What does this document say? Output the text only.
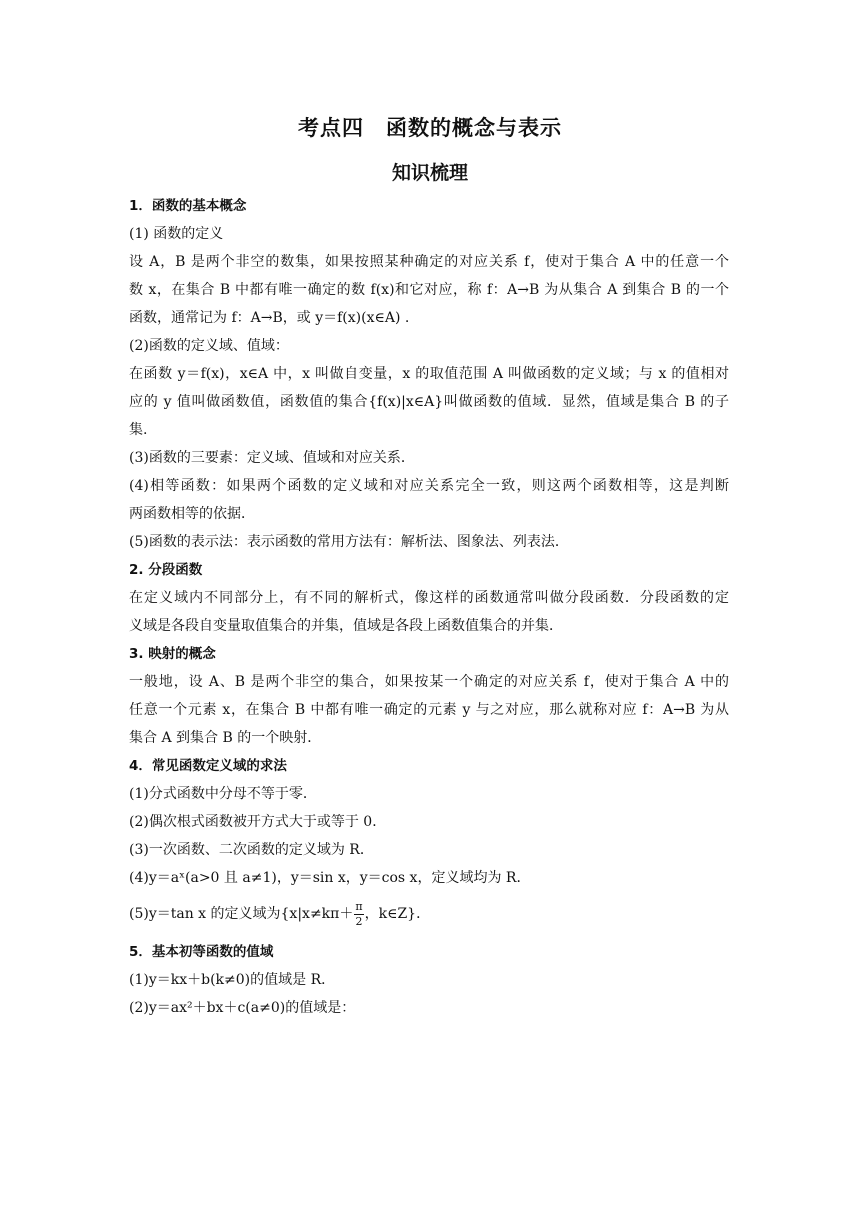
考点四　函数的概念与表示
知识梳理
1．函数的基本概念
(1) 函数的定义
设 A，B 是两个非空的数集，如果按照某种确定的对应关系 f，使对于集合 A 中的任意一个
数 x，在集合 B 中都有唯一确定的数 f(x)和它对应，称 f：A→B 为从集合 A 到集合 B 的一个
函数，通常记为 f：A→B，或 y＝f(x)(x∈A) .
(2)函数的定义域、值域：
在函数 y＝f(x)，x∈A 中，x 叫做自变量，x 的取值范围 A 叫做函数的定义域；与 x 的值相对
应的 y 值叫做函数值，函数值的集合{f(x)|x∈A}叫做函数的值域．显然，值域是集合 B 的子
集.
(3)函数的三要素：定义域、值域和对应关系．
(4)相等函数：如果两个函数的定义域和对应关系完全一致，则这两个函数相等，这是判断
两函数相等的依据．
(5)函数的表示法：表示函数的常用方法有：解析法、图象法、列表法．
2. 分段函数
在定义域内不同部分上，有不同的解析式，像这样的函数通常叫做分段函数．分段函数的定
义域是各段自变量取值集合的并集，值域是各段上函数值集合的并集．
3. 映射的概念
一般地，设 A、B 是两个非空的集合，如果按某一个确定的对应关系 f，使对于集合 A 中的
任意一个元素 x，在集合 B 中都有唯一确定的元素 y 与之对应，那么就称对应 f：A→B 为从
集合 A 到集合 B 的一个映射．
4．常见函数定义域的求法
(1)分式函数中分母不等于零．
(2)偶次根式函数被开方式大于或等于 0．
(3)一次函数、二次函数的定义域为 R．
(4)y＝aˣ(a>0 且 a≠1)，y＝sin x，y＝cos x，定义域均为 R．
(5)y＝tan x 的定义域为{$x|x\ne k\pi+ \frac{\pi}{2}$ ，k∈Z}．
5．基本初等函数的值域
(1)y＝kx＋b(k≠0)的值域是 R．
(2)y＝ax²＋bx＋c(a≠0)的值域是：
